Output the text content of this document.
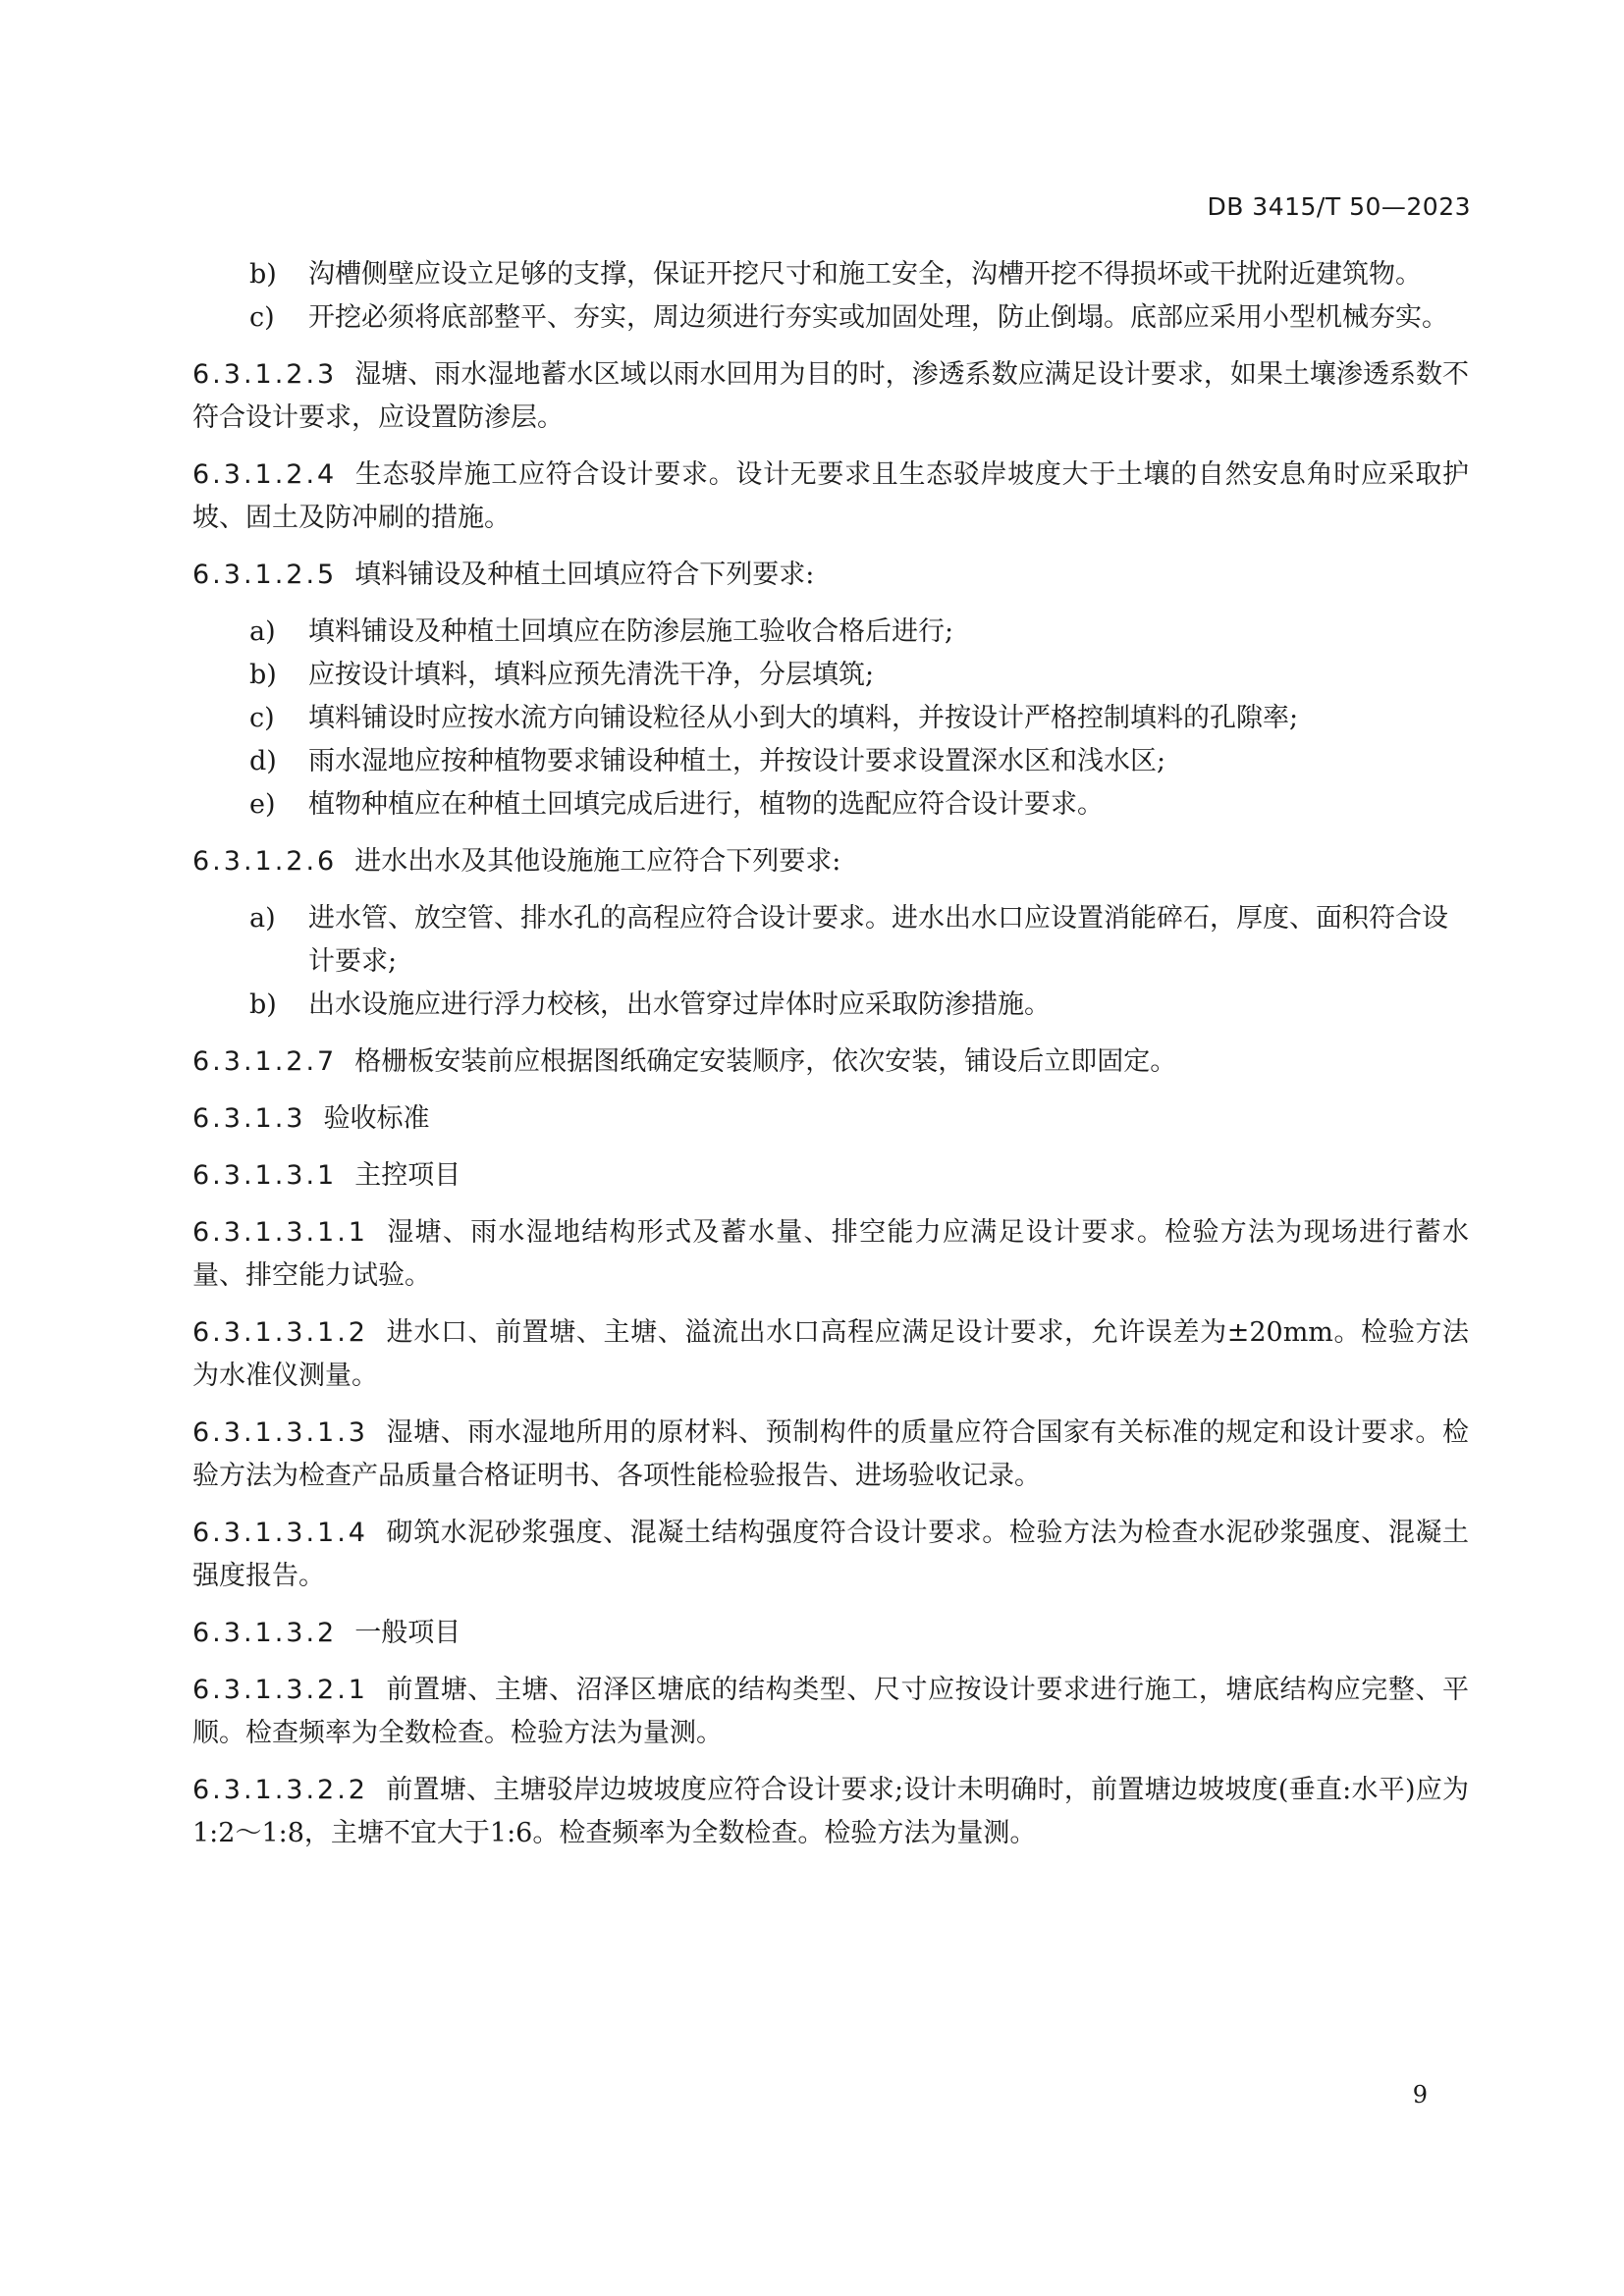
DB 3415/T 50—2023
b)	沟槽侧壁应设立足够的支撑，保证开挖尺寸和施工安全，沟槽开挖不得损坏或干扰附近建筑物。
c)	开挖必须将底部整平、夯实，周边须进行夯实或加固处理，防止倒塌。底部应采用小型机械夯实。
6.3.1.2.3 湿塘、雨水湿地蓄水区域以雨水回用为目的时，渗透系数应满足设计要求，如果土壤渗透系数不符合设计要求，应设置防渗层。
6.3.1.2.4 生态驳岸施工应符合设计要求。设计无要求且生态驳岸坡度大于土壤的自然安息角时应采取护坡、固土及防冲刷的措施。
6.3.1.2.5 填料铺设及种植土回填应符合下列要求:
a)	填料铺设及种植土回填应在防渗层施工验收合格后进行;
b)	应按设计填料，填料应预先清洗干净，分层填筑;
c)	填料铺设时应按水流方向铺设粒径从小到大的填料，并按设计严格控制填料的孔隙率;
d)	雨水湿地应按种植物要求铺设种植土，并按设计要求设置深水区和浅水区;
e)	植物种植应在种植土回填完成后进行，植物的选配应符合设计要求。
6.3.1.2.6 进水出水及其他设施施工应符合下列要求:
a)	进水管、放空管、排水孔的高程应符合设计要求。进水出水口应设置消能碎石，厚度、面积符合设计要求;
b)	出水设施应进行浮力校核，出水管穿过岸体时应采取防渗措施。
6.3.1.2.7 格栅板安装前应根据图纸确定安装顺序，依次安装，铺设后立即固定。
6.3.1.3 验收标准
6.3.1.3.1 主控项目
6.3.1.3.1.1 湿塘、雨水湿地结构形式及蓄水量、排空能力应满足设计要求。检验方法为现场进行蓄水量、排空能力试验。
6.3.1.3.1.2 进水口、前置塘、主塘、溢流出水口高程应满足设计要求，允许误差为±20mm。检验方法为水准仪测量。
6.3.1.3.1.3 湿塘、雨水湿地所用的原材料、预制构件的质量应符合国家有关标准的规定和设计要求。检验方法为检查产品质量合格证明书、各项性能检验报告、进场验收记录。
6.3.1.3.1.4 砌筑水泥砂浆强度、混凝土结构强度符合设计要求。检验方法为检查水泥砂浆强度、混凝土强度报告。
6.3.1.3.2 一般项目
6.3.1.3.2.1 前置塘、主塘、沼泽区塘底的结构类型、尺寸应按设计要求进行施工，塘底结构应完整、平顺。检查频率为全数检查。检验方法为量测。
6.3.1.3.2.2 前置塘、主塘驳岸边坡坡度应符合设计要求;设计未明确时，前置塘边坡坡度(垂直:水平)应为1:2～1:8，主塘不宜大于1:6。检查频率为全数检查。检验方法为量测。
9
